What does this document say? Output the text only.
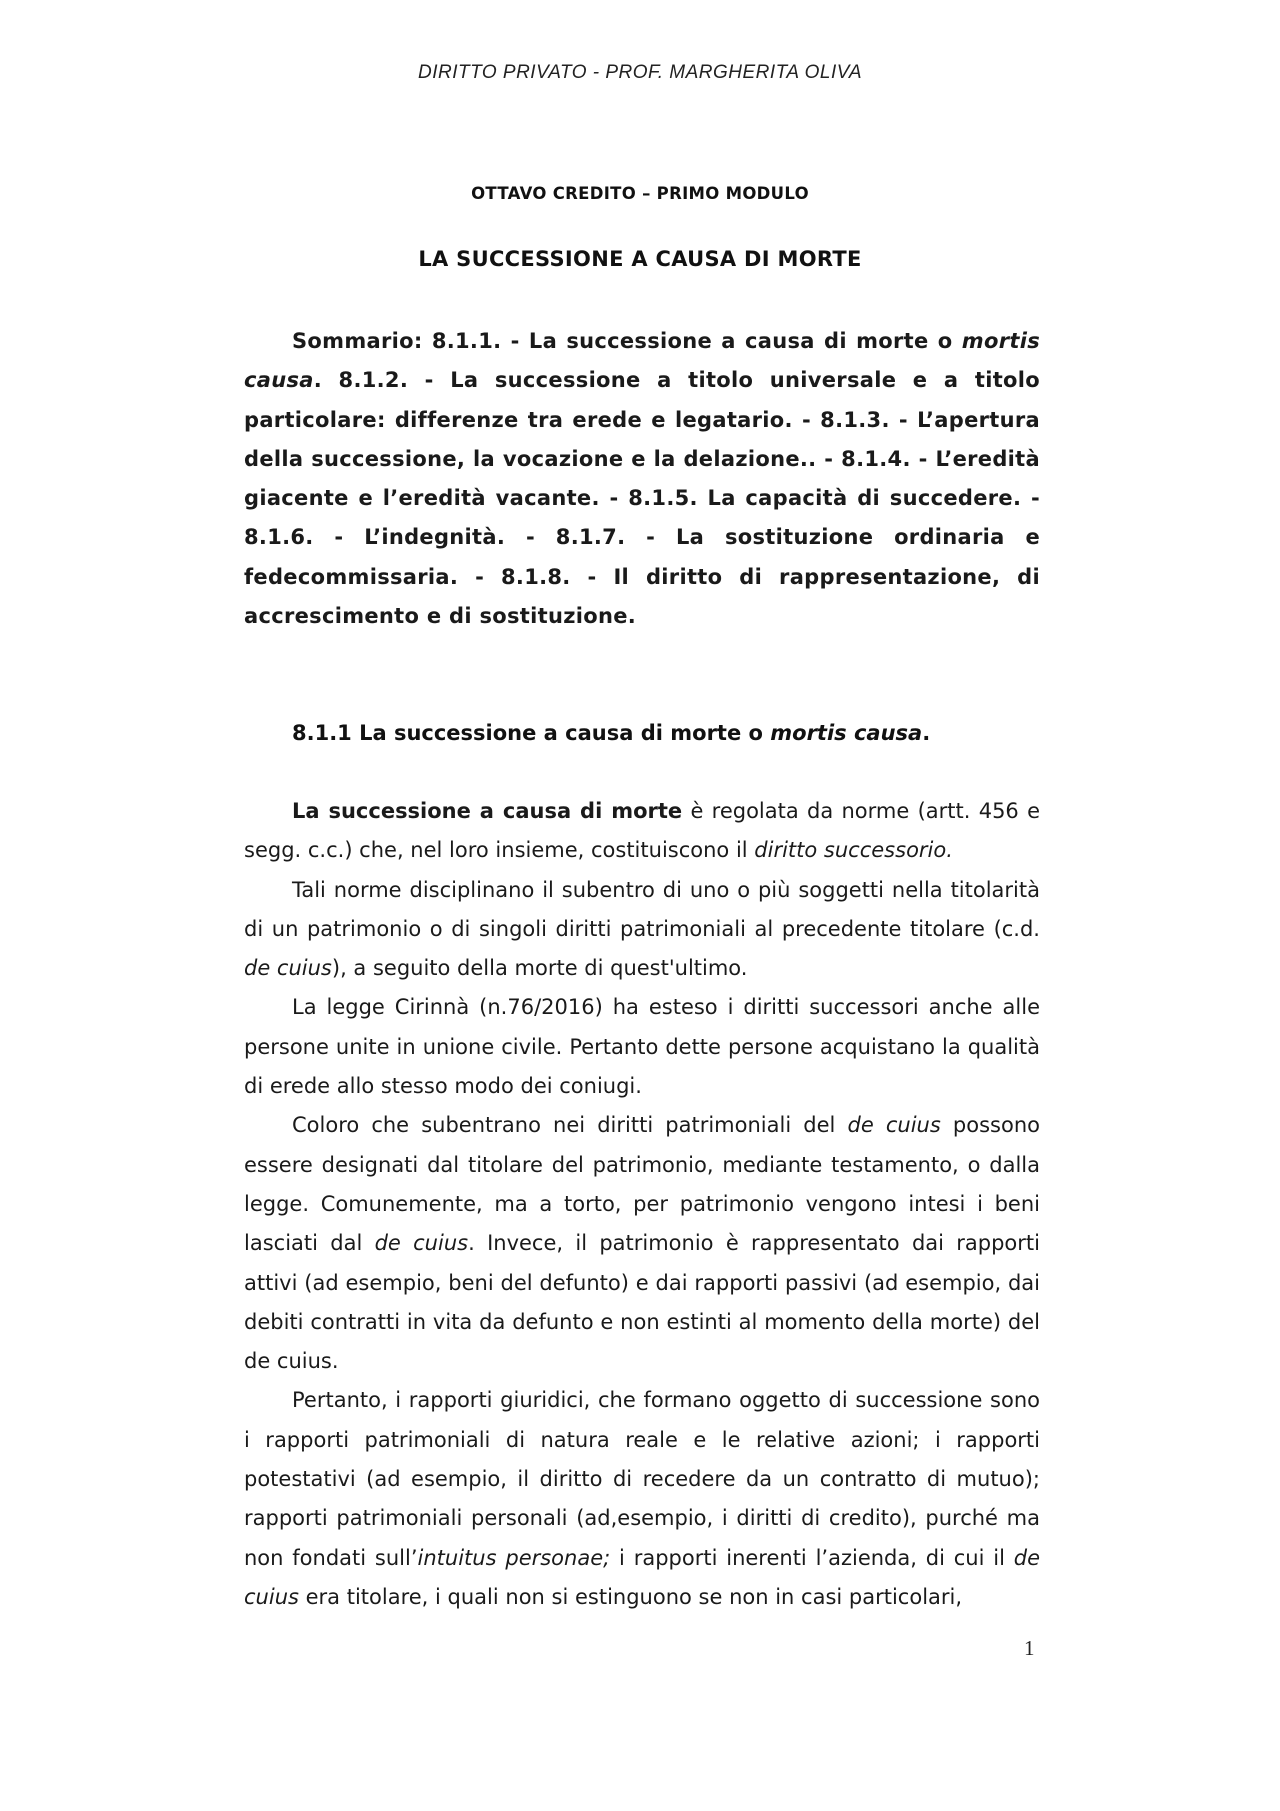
DIRITTO PRIVATO - PROF. MARGHERITA OLIVA
OTTAVO CREDITO – PRIMO MODULO
LA SUCCESSIONE A CAUSA DI MORTE

Sommario: 8.1.1. - La successione a causa di morte o mortis causa. 8.1.2. - La successione a titolo universale e a titolo particolare: differenze tra erede e legatario. - 8.1.3. - L’apertura della successione, la vocazione e la delazione.. - 8.1.4. - L’eredità giacente e l’eredità vacante. - 8.1.5. La capacità di succedere. - 8.1.6. - L’indegnità. - 8.1.7. - La sostituzione ordinaria e fedecommissaria. - 8.1.8. - Il diritto di rappresentazione, di accrescimento e di sostituzione.

8.1.1 La successione a causa di morte o mortis causa.

La successione a causa di morte è regolata da norme (artt. 456 e segg. c.c.) che, nel loro insieme, costituiscono il diritto successorio.

Tali norme disciplinano il subentro di uno o più soggetti nella titolarità di un patrimonio o di singoli diritti patrimoniali al precedente titolare (c.d. de cuius), a seguito della morte di quest'ultimo.

La legge Cirinnà (n.76/2016) ha esteso i diritti successori anche alle persone unite in unione civile. Pertanto dette persone acquistano la qualità di erede allo stesso modo dei coniugi.

Coloro che subentrano nei diritti patrimoniali del de cuius possono essere designati dal titolare del patrimonio, mediante testamento, o dalla legge. Comunemente, ma a torto, per patrimonio vengono intesi i beni lasciati dal de cuius. Invece, il patrimonio è rappresentato dai rapporti attivi (ad esempio, beni del defunto) e dai rapporti passivi (ad esempio, dai debiti contratti in vita da defunto e non estinti al momento della morte) del de cuius.

Pertanto, i rapporti giuridici, che formano oggetto di successione sono i rapporti patrimoniali di natura reale e le relative azioni; i rapporti potestativi (ad esempio, il diritto di recedere da un contratto di mutuo); rapporti patrimoniali personali (ad,esempio, i diritti di credito), purché ma non fondati sull’intuitus personae; i rapporti inerenti l’azienda, di cui il de cuius era titolare, i quali non si estinguono se non in casi particolari,

1
